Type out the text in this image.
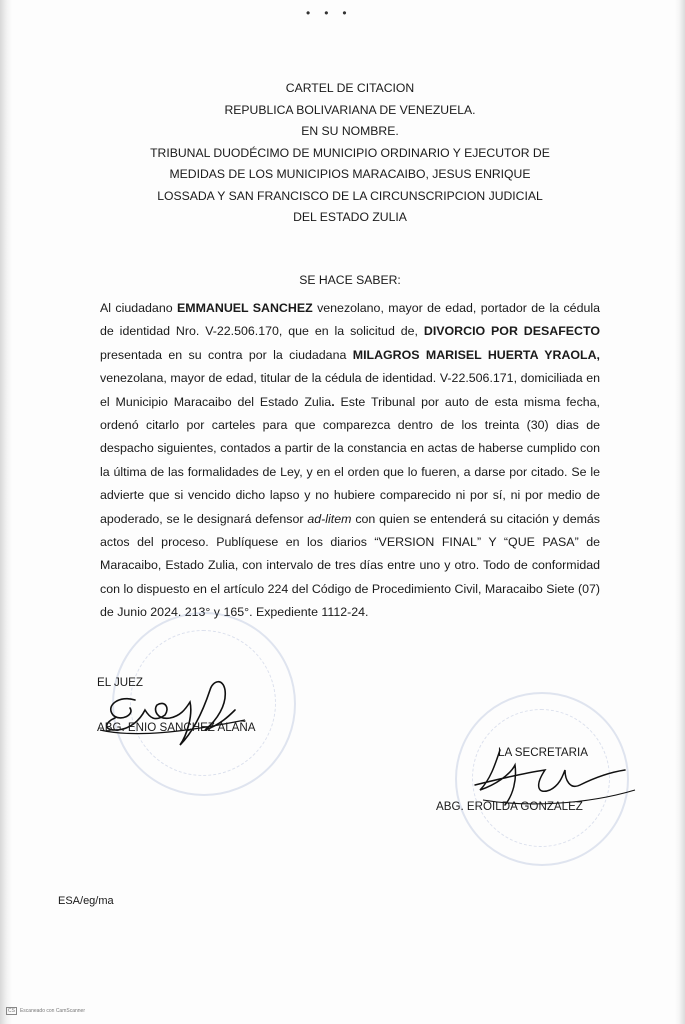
•••
CARTEL DE CITACION
REPUBLICA BOLIVARIANA DE VENEZUELA.
EN SU NOMBRE.
TRIBUNAL DUODÉCIMO DE MUNICIPIO ORDINARIO Y EJECUTOR DE
MEDIDAS DE LOS MUNICIPIOS MARACAIBO, JESUS ENRIQUE
LOSSADA Y SAN FRANCISCO DE LA CIRCUNSCRIPCION JUDICIAL
DEL ESTADO ZULIA
SE HACE SABER:
Al ciudadano EMMANUEL SANCHEZ venezolano, mayor de edad, portador de la cédula de identidad Nro. V-22.506.170, que en la solicitud de, DIVORCIO POR DESAFECTO presentada en su contra por la ciudadana MILAGROS MARISEL HUERTA YRAOLA, venezolana, mayor de edad, titular de la cédula de identidad. V-22.506.171, domiciliada en el Municipio Maracaibo del Estado Zulia. Este Tribunal por auto de esta misma fecha, ordenó citarlo por carteles para que comparezca dentro de los treinta (30) dias de despacho siguientes, contados a partir de la constancia en actas de haberse cumplido con la última de las formalidades de Ley, y en el orden que lo fueren, a darse por citado. Se le advierte que si vencido dicho lapso y no hubiere comparecido ni por sí, ni por medio de apoderado, se le designará defensor ad-litem con quien se entenderá su citación y demás actos del proceso. Publíquese en los diarios “VERSION FINAL” Y “QUE PASA” de Maracaibo, Estado Zulia, con intervalo de tres días entre uno y otro. Todo de conformidad con lo dispuesto en el artículo 224 del Código de Procedimiento Civil, Maracaibo Siete (07) de Junio 2024. 213° y 165°. Expediente 1112-24.
EL JUEZ
ABG. ENIO SANCHEZ ALAÑA
LA SECRETARIA
ABG. EROILDA GONZALEZ
ESA/eg/ma
CS Escaneado con CamScanner
